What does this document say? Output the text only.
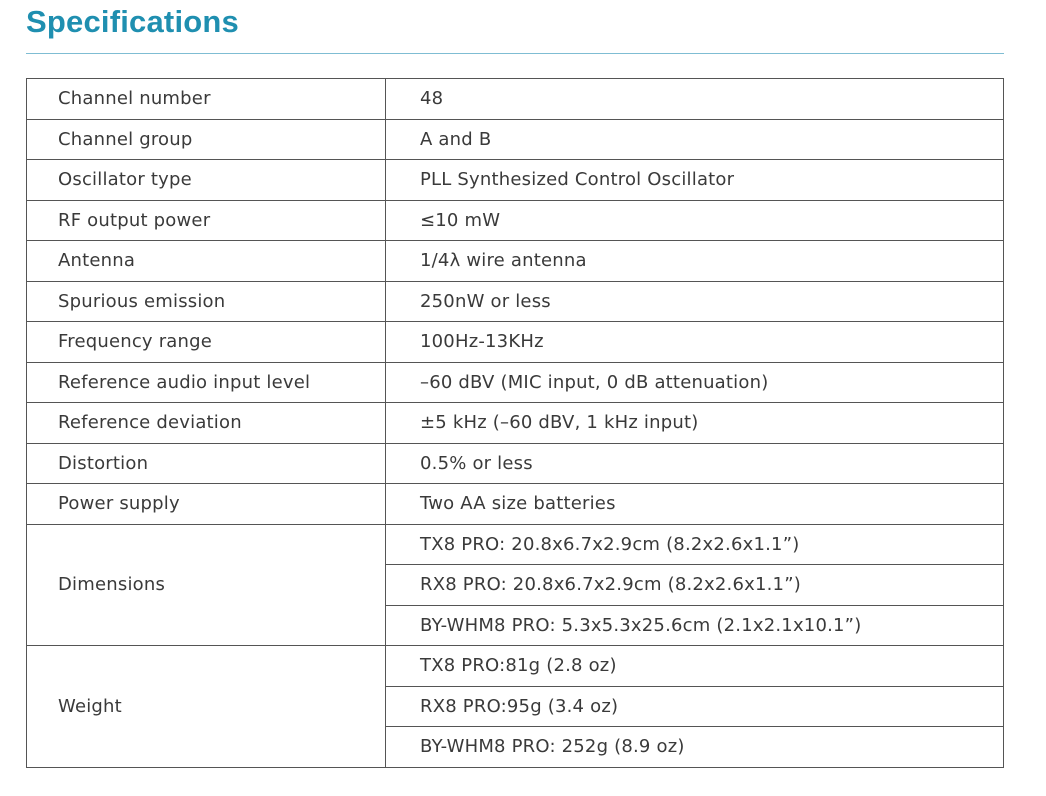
Specifications
Channel number	48
Channel group	A and B
Oscillator type	PLL Synthesized Control Oscillator
RF output power	≤10 mW
Antenna	1/4λ wire antenna
Spurious emission	250nW or less
Frequency range	100Hz-13KHz
Reference audio input level	–60 dBV (MIC input, 0 dB attenuation)
Reference deviation	±5 kHz (–60 dBV, 1 kHz input)
Distortion	0.5% or less
Power supply	Two AA size batteries
Dimensions	TX8 PRO: 20.8x6.7x2.9cm (8.2x2.6x1.1”)
	RX8 PRO: 20.8x6.7x2.9cm (8.2x2.6x1.1”)
	BY-WHM8 PRO: 5.3x5.3x25.6cm (2.1x2.1x10.1”)
Weight	TX8 PRO:81g (2.8 oz)
	RX8 PRO:95g (3.4 oz)
	BY-WHM8 PRO: 252g (8.9 oz)
